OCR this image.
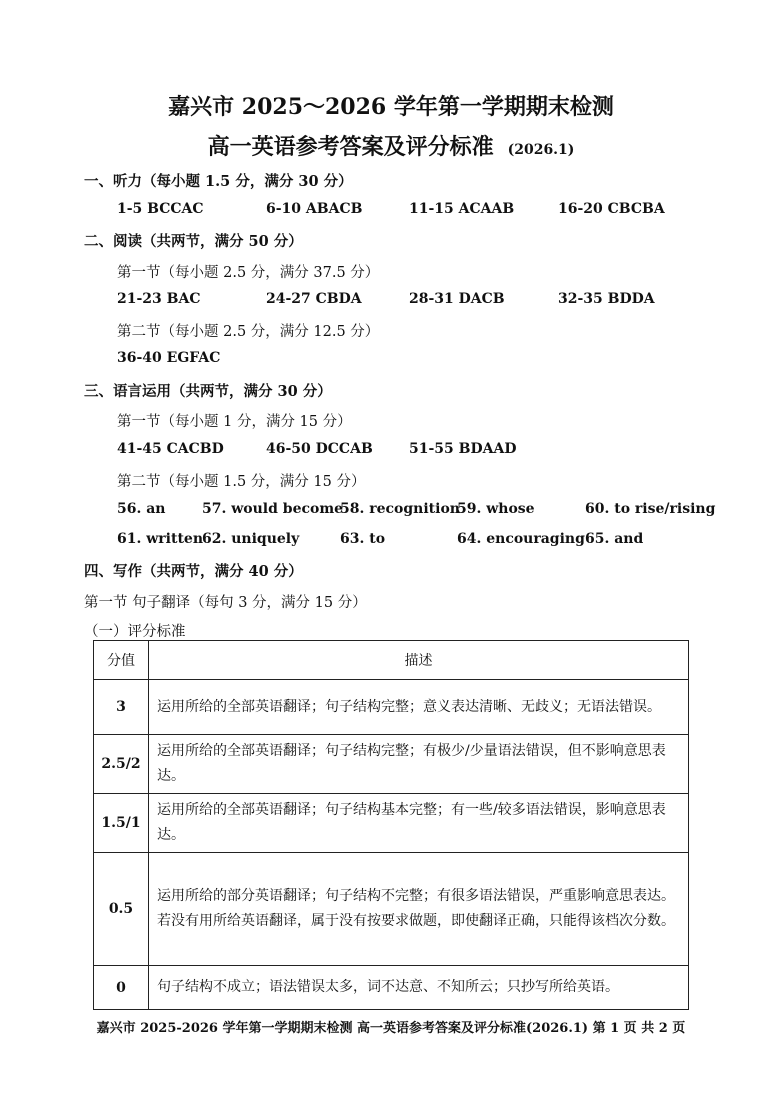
嘉兴市 2025～2026 学年第一学期期末检测
高一英语参考答案及评分标准 (2026.1)
一、听力（每小题 1.5 分，满分 30 分）
1-5 BCCAC	6-10 ABACB	11-15 ACAAB	16-20 CBCBA
二、阅读（共两节，满分 50 分）
第一节（每小题 2.5 分，满分 37.5 分）
21-23 BAC	24-27 CBDA	28-31 DACB	32-35 BDDA
第二节（每小题 2.5 分，满分 12.5 分）
36-40 EGFAC
三、语言运用（共两节，满分 30 分）
第一节（每小题 1 分，满分 15 分）
41-45 CACBD	46-50 DCCAB	51-55 BDAAD
第二节（每小题 1.5 分，满分 15 分）
56. an	57. would become
58. recognition
59. whose	60. to rise/rising
61. written 62. uniquely	63. to	64. encouraging 65. and
四、写作（共两节，满分 40 分）
第一节 句子翻译（每句 3 分，满分 15 分）
（一）评分标准
分值	描述
3	运用所给的全部英语翻译；句子结构完整；意义表达清晰、无歧义；无语法错误。
2.5/2	运用所给的全部英语翻译；句子结构完整；有极少/少量语法错误，但不影响意思表达。
1.5/1	运用所给的全部英语翻译；句子结构基本完整；有一些/较多语法错误，影响意思表达。
0.5	运用所给的部分英语翻译；句子结构不完整；有很多语法错误，严重影响意思表达。
若没有用所给英语翻译，属于没有按要求做题，即使翻译正确，只能得该档次分数。

0	句子结构不成立；语法错误太多，词不达意、不知所云；只抄写所给英语。
嘉兴市 2025-2026 学年第一学期期末检测 高一英语参考答案及评分标准(2026.1) 第 1 页 共 2 页
